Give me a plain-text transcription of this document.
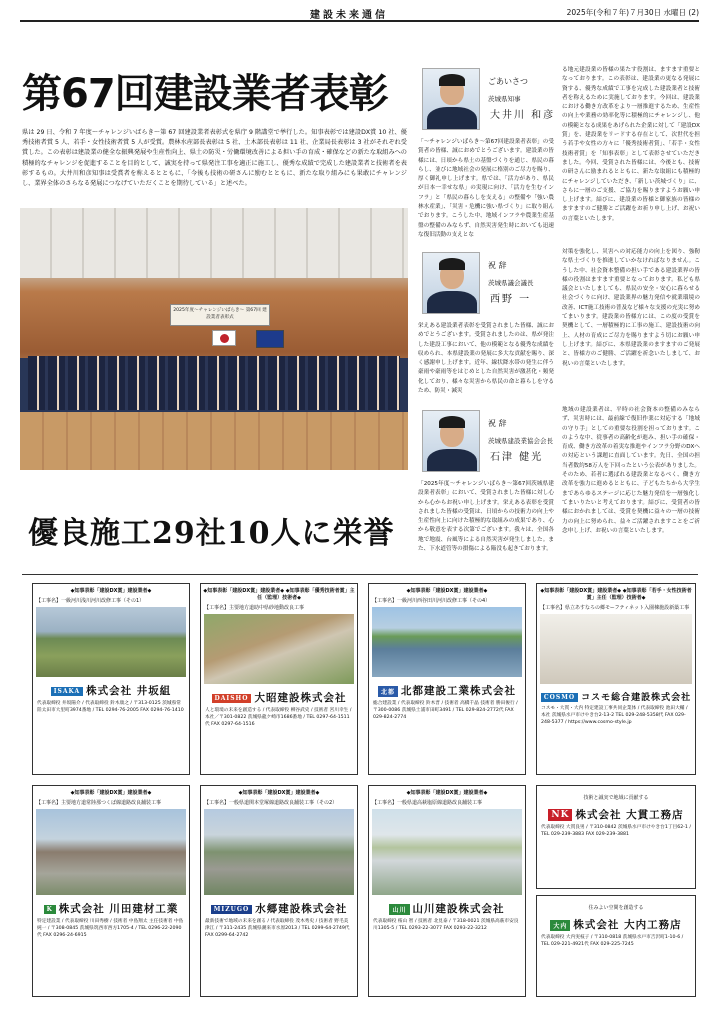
建設未来通信	2025年(令和７年)７月30日 水曜日 (2)
第67回建設業者表彰
県は 29 日、令和 7 年度〜チャレンジいばらき〜第 67 回建設業者表彰式を県庁 9 階講堂で挙行した。知事表彰では建設DX賞 10 社、優秀技術者賞 5 人、若手・女性技術者賞 5 人が受賞。農林水産部長表彰は 5 社、土木部長表彰は 11 社、企業局長表彰は 3 社がそれぞれ受賞した。この表彰は建設業の健全な振興発展や生産性向上、県土の防災・労働環境改善による担い手の育成・確保などの新たな取組みへの積極的なチャレンジを促進することを目的として、誠実を持って県発注工事を適正に施工し、優秀な成績で完成した建設業者と技術者を表彰するもの。大井川和彦知事は受賞者を称えるとともに、「今後も技術の研さんに励むとともに、新たな取り組みにも果敢にチャレンジし、業界全体のさらなる発展につなげていただくことを期待している」と述べた。
2025年度〜チャレンジいばらき〜 第67回 建設業者表彰式
優良施工29社10人に栄誉
ごあいさつ
茨城県知事
大井川 和彦
「〜チャレンジいばらき〜第67回建設業者表彰」の受賞者の皆様、誠におめでとうございます。建設業の皆様には、日頃から県土の基盤づくりを通じ、県民の暮らし、並びに地域社会の発展に格別のご尽力を賜り、厚く御礼申し上げます。県では、「活力があり、県民が日本一幸せな県」の実現に向け、「活力を生むインフラ」と「県民の暮らしを支える」の整備や「強い農林水産業」、「災害・危機に強い県づくり」に取り組んでおります。こうした中、地域インフラや農業生産基盤の整備のみならず、自然災害発生時においても迅速な復旧活動の支えとな
る地元建設業の皆様の果たす役割は、ますます重要となっております。この表彰は、建設業の更なる発展に資する、優秀な成績で工事を完成した建設業者と技術者を称えるために実施しております。今回は、建設業における働き方改革をより一層推進するため、生産性の向上や業務の効率化等に積極的にチャレンジし、他の模範となる成果をあげられた企業に対して「建設DX賞」を、建設業をリードする存在として、次世代を担う若手や女性の方々に「優秀技術者賞」、「若手・女性技術者賞」を「知事表彰」として表彰させていただきました。今回、受賞された皆様には、今後とも、技術の研さんに励まれるとともに、新たな取組にも積極的にチャレンジしていただき、「新しい茨城づくり」に、さらに一層のご支援、ご協力を賜りますようお願い申し上げます。結びに、建設業の皆様と御家族の皆様のますますのご健勝とご活躍をお祈り申し上げ、お祝いの言葉といたします。
祝 辞
茨城県議会議長
西野 一
栄えある建設業者表彰を受賞されました皆様、誠におめでとうございます。受賞されましたのは、県が発注した建設工事において、他の模範となる優秀な成績を収められ、本県建設業の発展に多大な貢献を賜り、深く感謝申し上げます。近年、線状降水帯の発生に伴う豪雨や豪雨等をはじめとした自然災害が激甚化・頻発化しており、様々な災害から県民の命と暮らしを守るため、防災・減災
対策を強化し、災害への対応能力の向上を図り、強靭な県土づくりを推進していかなければなりません。こうした中、社会資本整備の担い手である建設業界の皆様の役割はますます重要となっております。私ども県議会といたしましても、県民の安全・安心に暮らせる社会づくりに向け、建設業界の魅力発信や就業環境の改善、ICT施工技術の普及など様々な支援の充実に努めてまいります。建設業の皆様方には、この度の受賞を契機として、一層積極的に工事の施工、建設技術の向上、人材の育成にご尽力を賜りますよう切にお願い申し上げます。結びに、本県建設業のますますのご発展と、皆様方のご健勝、ご活躍を祈念いたしまして、お祝いの言葉といたします。
祝 辞
茨城県建設業協会会長
石津 健光
「2025年度〜チャレンジいばらき〜第67回茨城県建設業者表彰」において、受賞されました皆様に対し心から心からお祝い申し上げます。栄えある表彰を受賞されました皆様の受賞は、日頃からの技術力の向上や生産性向上に向けた積極的な取組みの成果であり、心から敬意を表する次第でございます。我々は、全国各地で地震、台風等による自然災害が発生しました。また、下水道管等の損傷による陥没も起きております。
地域の建設業者は、平時の社会資本の整備のみならず、災害時には、最前線で復旧作業に対応する「地域の守り手」としての重要な役割を担っております。このような中、従事者の高齢化が進み、担い手の確保・育成、働き方改革の着実な推進やインフラ分野のDXへの対応という課題に直面しています。先日、全国の担当者数約58万人を下回ったという公表がありました。そのため、若者に選ばれる建設業となるべく、働き方改革を強力に進めるとともに、子どもたちから大学生まであらゆるステージに応じた魅力発信を一層強化してまいりたいと考えております。結びに、受賞者の皆様におかれましては、受賞を契機に益々の一層の技術力の向上に努められ、益々ご活躍されますことをご祈念申し上げ、お祝いの言葉といたします。
◆知事表彰「建設DX賞」建設業者◆
【工事名】一級河川浅川河川改修工事（その1）
ISAKA 株式会社 井坂組
代表取締役 井坂陽介 / 代表取締役 鈴木康之 / 〒313-0125 茨城県常陸太田市大里町3974番地 / TEL 0294-76-2005 FAX 0294-76-1410
◆知事表彰「建設DX賞」建設業者◆ ◆知事表彰「優秀技術者賞」主任（監理）技術者◆
【工事名】主要地方道助中県砂地動改良工事
DAISHO 大昭建設株式会社
人と環境の未来を創造する / 代表取締役 柳谷武史 / 技術者 宮川幸生 / 本社／〒301-0822 茨城県龍ケ崎市1686番地 / TEL 0297-64-1511代 FAX 0297-64-1516
◆知事表彰「建設DX賞」建設業者◆
【工事名】一級河川西谷田川河川改修工事（その4）
北都 北都建設工業株式会社
総合建設業 / 代表取締役 鈴木晋 / 技術者 高橋千晶 技術者 勝田俊行 / 〒300-0086 茨城県土浦市田町3491 / TEL 029-824-2772代 FAX 029-824-2774
◆知事表彰「建設DX賞」建設業者◆ ◆知事表彰「若手・女性技術者賞」主任（監理）技術者◆
【工事名】県立あすなろの郷モーフティネット入園棟施設新築工事
COSMO コスモ総合建設株式会社
コスモ・大貫・大内 特定建設工事共同企業体 / 代表取締役 池田大輔 / 本社 茨城県水戸市けやき台2-13-2 TEL 029-248-5358代 FAX 029-248-5377 / https://www.cosmo-style.jp
◆知事表彰「建設DX賞」建設業者◆
【工事名】主要地方道常陸那つくば線道路改良舗装工事
K 株式会社 川田建材工業
特定建設業 / 代表取締役 川田秀樹 / 技術者 中島翔太 主任技術者 中島純一 / 〒308-0845 茨城県筑西市西方1705-4 / TEL 0296-22-2090代 FAX 0296-24-6915
◆知事表彰「建設DX賞」建設業者◆
【工事名】一般県道関本堂塚線道路改良舗装工事（その2）
MIZUGO 水郷建設株式会社
最新技術で地域の未来を創る / 代表取締役 茂木秀史 / 技術者 野毛美津江 / 〒311-2435 茨城県潮来市水原2013 / TEL 0299-64-2749代 FAX 0299-64-2742
◆知事表彰「建設DX賞」建設業者◆
【工事名】一般県道高萩塩原線道路改良舗装工事
山川 山川建設株式会社
代表取締役 桜山 智 / 技術者 北見泰 / 〒318-0021 茨城県高萩市安良川1305-5 / TEL 0293-22-3077 FAX 0293-22-3212
技術と誠実で地域に貢献する
NK 株式会社 大貫工務店
代表取締役 大貫良男 / 〒310-0842 茨城県水戸市けやき台1丁目62-1 / TEL 029-239-3883 FAX 029-239-3881
住みよい空間を創造する
大内 株式会社 大内工務店
代表取締役 大内実枝子 / 〒310-0818 茨城県水戸市吉沢町1-10-6 / TEL 029-221-4921代 FAX 029-225-7245
